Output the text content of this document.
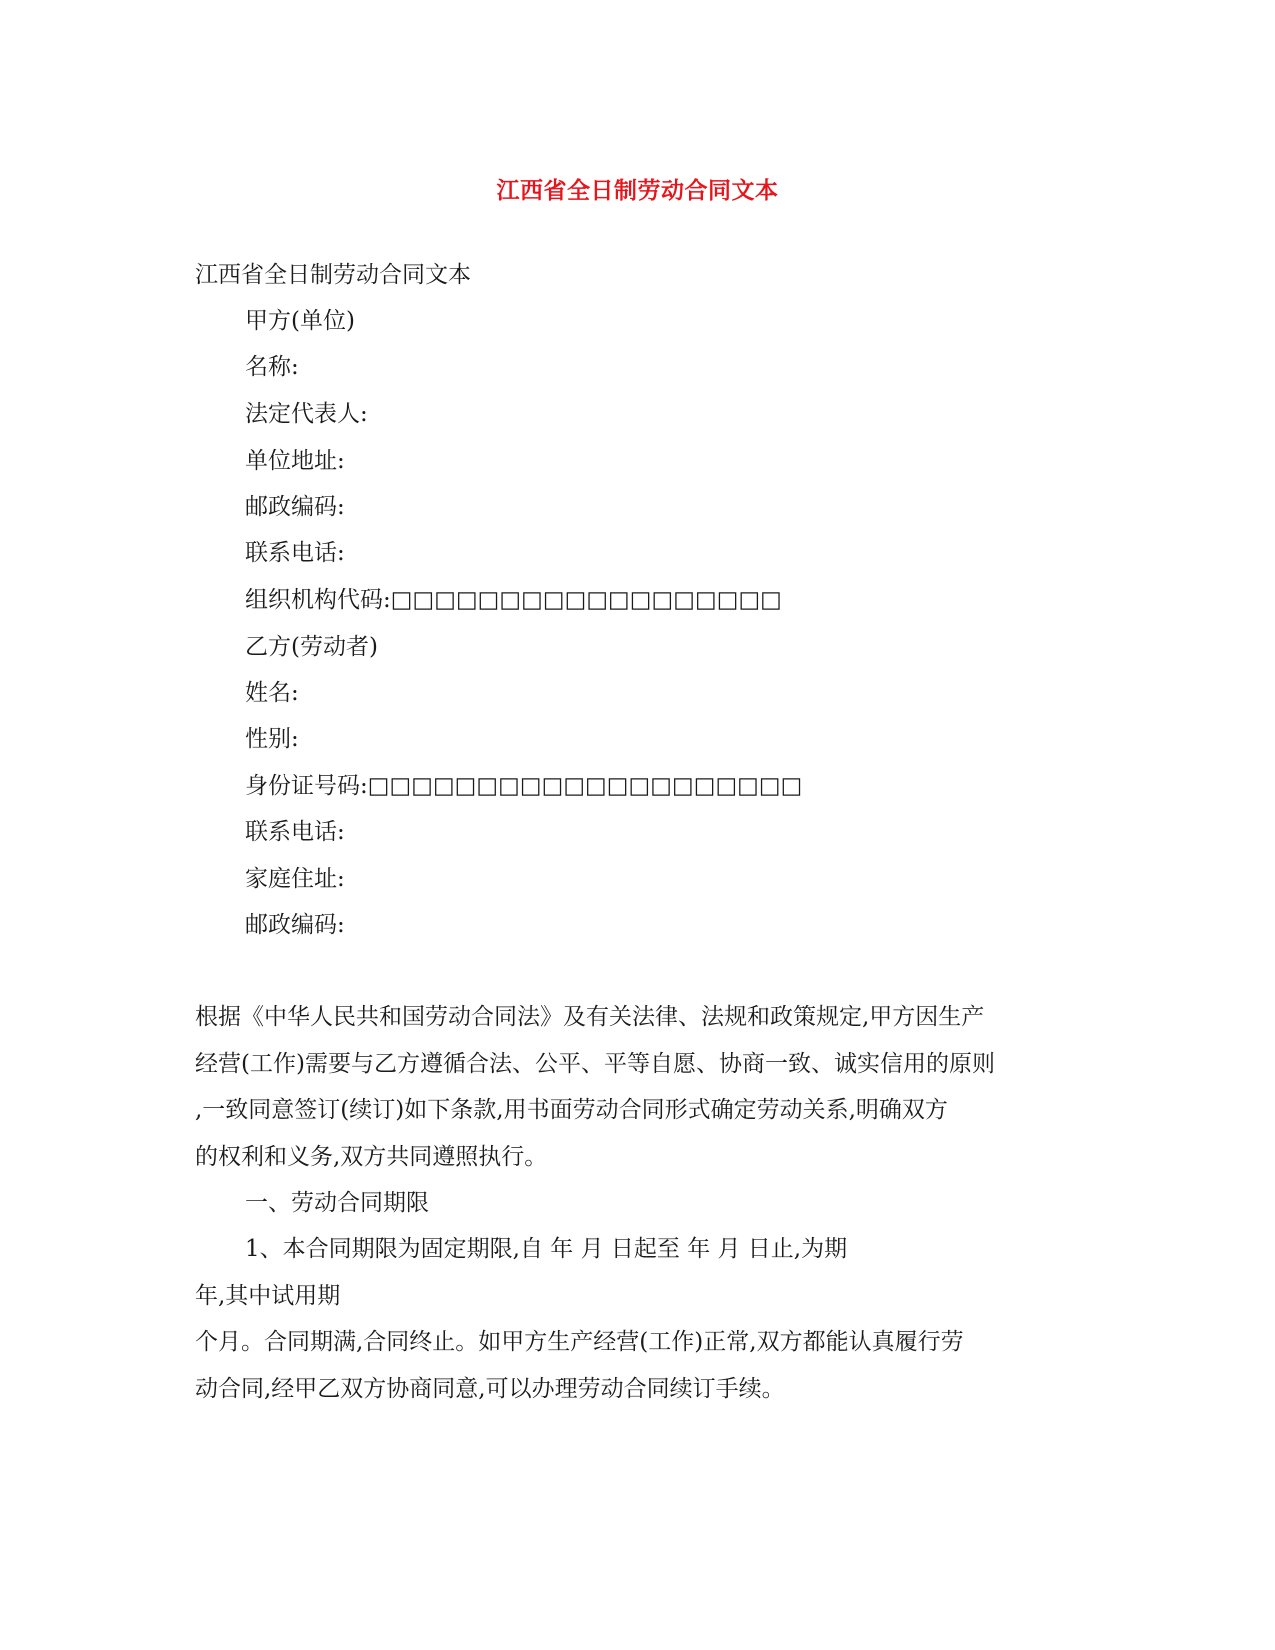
江西省全日制劳动合同文本
江西省全日制劳动合同文本
甲方(单位)
名称:
法定代表人:
单位地址:
邮政编码:
联系电话:
组织机构代码:□□□□□□□□□□□□□□□□□□
乙方(劳动者)
姓名:
性别:
身份证号码:□□□□□□□□□□□□□□□□□□□□
联系电话:
家庭住址:
邮政编码:
根据《中华人民共和国劳动合同法》及有关法律、法规和政策规定,甲方因生产
经营(工作)需要与乙方遵循合法、公平、平等自愿、协商一致、诚实信用的原则
,一致同意签订(续订)如下条款,用书面劳动合同形式确定劳动关系,明确双方
的权利和义务,双方共同遵照执行。
一、劳动合同期限
1、本合同期限为固定期限,自 年 月 日起至 年 月 日止,为期
年,其中试用期
个月。合同期满,合同终止。如甲方生产经营(工作)正常,双方都能认真履行劳
动合同,经甲乙双方协商同意,可以办理劳动合同续订手续。
